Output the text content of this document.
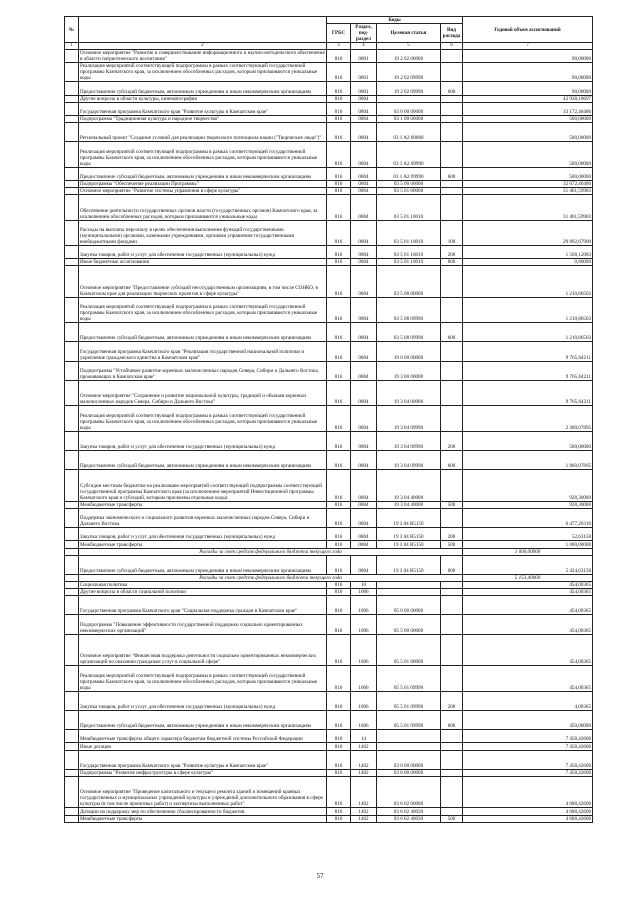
№		Коды				Годовой объем ассигнований
		ГРБС	Раздел, под-раздел	Целевая статья	Вид расхода	
1	2	3	4	5	6	7
	Основное мероприятие "Развитие и совершенствование информационного и научно-методического обеспечения в области патриотического воспитания"	816	0801	19 2 02 00000		90,00000
	Реализация мероприятий соответствующей подпрограммы в рамках соответствующей государственной программы Камчатского края, за исключением обособленных расходов, которым присваиваются уникальные коды	816	0801	19 2 02 09990		90,00000
	Предоставление субсидий бюджетным, автономным учреждениям и иным некоммерческим организациям	816	0801	19 2 02 09990	600	90,00000
	Другие вопросы в области культуры, кинематографии	816	0804			42 938,10697
	Государственная программа Камчатского края "Развитие культуры в Камчатском крае"	816	0804	03 0 00 00000		33 172,46486
	Подпрограмма "Традиционная культура и народное творчество"	816	0804	03 1 00 00000		500,00000
	Региональный проект "Создание условий для реализации творческого потенциала нации ("Творческие люди")"	816	0804	03 1 A2 00000		500,00000
	Реализация мероприятий соответствующей подпрограммы в рамках соответствующей государственной программы Камчатского края, за исключением обособленных расходов, которым присваиваются уникальные коды	816	0804	03 1 A2 09990		500,00000
	Предоставление субсидий бюджетным, автономным учреждениям и иным некоммерческим организациям	816	0804	03 1 A2 09990	600	500,00000
	Подпрограмма "Обеспечение реализации Программы"	816	0804	03 5 00 00000		32 672,46486
	Основное мероприятие "Развитие системы управления в сфере культуры"	816	0804	03 5 01 00000		31 461,59983
	Обеспечение деятельности государственных органов власти (государственных органов) Камчатского края, за исключением обособленных расходов, которым присваиваются уникальные коды	816	0804	03 5 01 10010		31 461,59983
	Расходы на выплаты персоналу в целях обеспечения выполнения функций государственными (муниципальными) органами, казенными учреждениями, органами управления государственными внебюджетными фондами	816	0804	03 5 01 10010	100	29 892,67900
	Закупка товаров, работ и услуг для обеспечения государственных (муниципальных) нужд	816	0804	03 5 01 10010	200	1 568,12083
	Иные бюджетные ассигнования	816	0804	03 5 01 10010	800	0,80000
	Основное мероприятие "Предоставление субсидий негосударственным организациям, в том числе СОНКО, в Камчатском крае для реализации творческих проектов в сфере культуры"	816	0804	03 5 08 00000		1 210,86503
	Реализация мероприятий соответствующей подпрограммы в рамках соответствующей государственной программы Камчатского края, за исключением обособленных расходов, которым присваиваются уникальные коды	816	0804	03 5 08 09990		1 210,86503
	Предоставление субсидий бюджетным, автономным учреждениям и иным некоммерческим организациям	816	0804	03 5 08 09990	600	1 210,86503
	Государственная программа Камчатского края "Реализация государственной национальной политики и укрепление гражданского единства в Камчатском крае"	816	0804	19 0 00 00000		9 765,64211
	Подпрограмма "Устойчивое развитие коренных малочисленных народов Севера, Сибири и Дальнего Востока, проживающих в Камчатском крае"	816	0804	19 3 00 00000		9 765,64211
	Основное мероприятие "Сохранение и развитие национальной культуры, традиций и обычаев коренных малочисленных народов Севера, Сибири и Дальнего Востока"	816	0804	19 3 04 00000		9 765,64211
	Реализация мероприятий соответствующей подпрограммы в рамках соответствующей государственной программы Камчатского края, за исключением обособленных расходов, которым присваиваются уникальные коды	816	0804	19 3 04 09990		2 360,07895
	Закупка товаров, работ и услуг для обеспечения государственных (муниципальных) нужд	816	0804	19 3 04 09990	200	500,00000
	Предоставление субсидий бюджетным, автономным учреждениям и иным некоммерческим организациям	816	0804	19 3 04 09990	600	1 860,07895
	Субсидии местным бюджетам на реализацию мероприятий соответствующей подпрограммы соответствующей государственной программы Камчатского края (за исключением мероприятий Инвестиционной программы Камчатского края и субсидий, которым присвоены отдельные коды)	816	0804	19 3 04 40000		928,30000
	Межбюджетные трансферты	816	0804	19 3 04 40000	500	928,30000
	Поддержка экономического и социального развития коренных малочисленных народов Севера, Сибири и Дальнего Востока	816	0804	19 3 04 R5150		6 477,26316
	Закупка товаров, работ и услуг для обеспечения государственных (муниципальных) нужд	816	0804	19 3 04 R5150	200	52,63158
	Межбюджетные трансферты	816	0804	19 3 04 R5150	500	1 000,00000
	Расходы за счет средств федерального бюджета текущего года					1 000,00000
	Предоставление субсидий бюджетным, автономным учреждениям и иным некоммерческим организациям	816	0804	19 3 04 R5150	600	5 424,63158
	Расходы за счет средств федерального бюджета текущего года					5 153,40000
	Социальная политика	816	10			454,00365
	Другие вопросы в области социальной политики	816	1006			454,00365
	Государственная программа Камчатского края "Социальная поддержка граждан в Камчатском крае"	816	1006	05 0 00 00000		454,00365
	Подпрограмма "Повышение эффективности государственной поддержки социально ориентированных некоммерческих организаций"	816	1006	05 5 00 00000		454,00365
	Основное мероприятие "Финансовая поддержка деятельности социально ориентированных некоммерческих организаций по оказанию гражданам услуг в социальной сфере"	816	1006	05 5 01 00000		454,00365
	Реализация мероприятий соответствующей подпрограммы в рамках соответствующей государственной программы Камчатского края, за исключением обособленных расходов, которым присваиваются уникальные коды	816	1006	05 5 01 09990		454,00365
	Закупка товаров, работ и услуг для обеспечения государственных (муниципальных) нужд	816	1006	05 5 01 09990	200	4,00365
	Предоставление субсидий бюджетным, автономным учреждениям и иным некоммерческим организациям	816	1006	05 5 01 09990	600	450,00000
	Межбюджетные трансферты общего характера бюджетам бюджетной системы Российской Федерации	816	14			7 458,42600
	Иные дотации	816	1402			7 458,42600
	Государственная программа Камчатского края "Развитие культуры в Камчатском крае"	816	1402	03 0 00 00000		7 458,42600
	Подпрограмма "Развитие инфраструктуры в сфере культуры"	816	1402	03 6 00 00000		7 458,42600
	Основное мероприятие "Проведение капитального и текущего ремонта зданий и помещений краевых государственных и муниципальных учреждений культуры и учреждений дополнительного образования в сфере культуры (в том числе проектных работ) и экспертизы выполненных работ"	816	1402	03 6 02 00000		4 688,42600
	Дотации на поддержку мер по обеспечению сбалансированности бюджетов	816	1402	03 6 02 40030		4 688,42600
	Межбюджетные трансферты	816	1402	03 6 02 40030	500	4 688,42600
57
